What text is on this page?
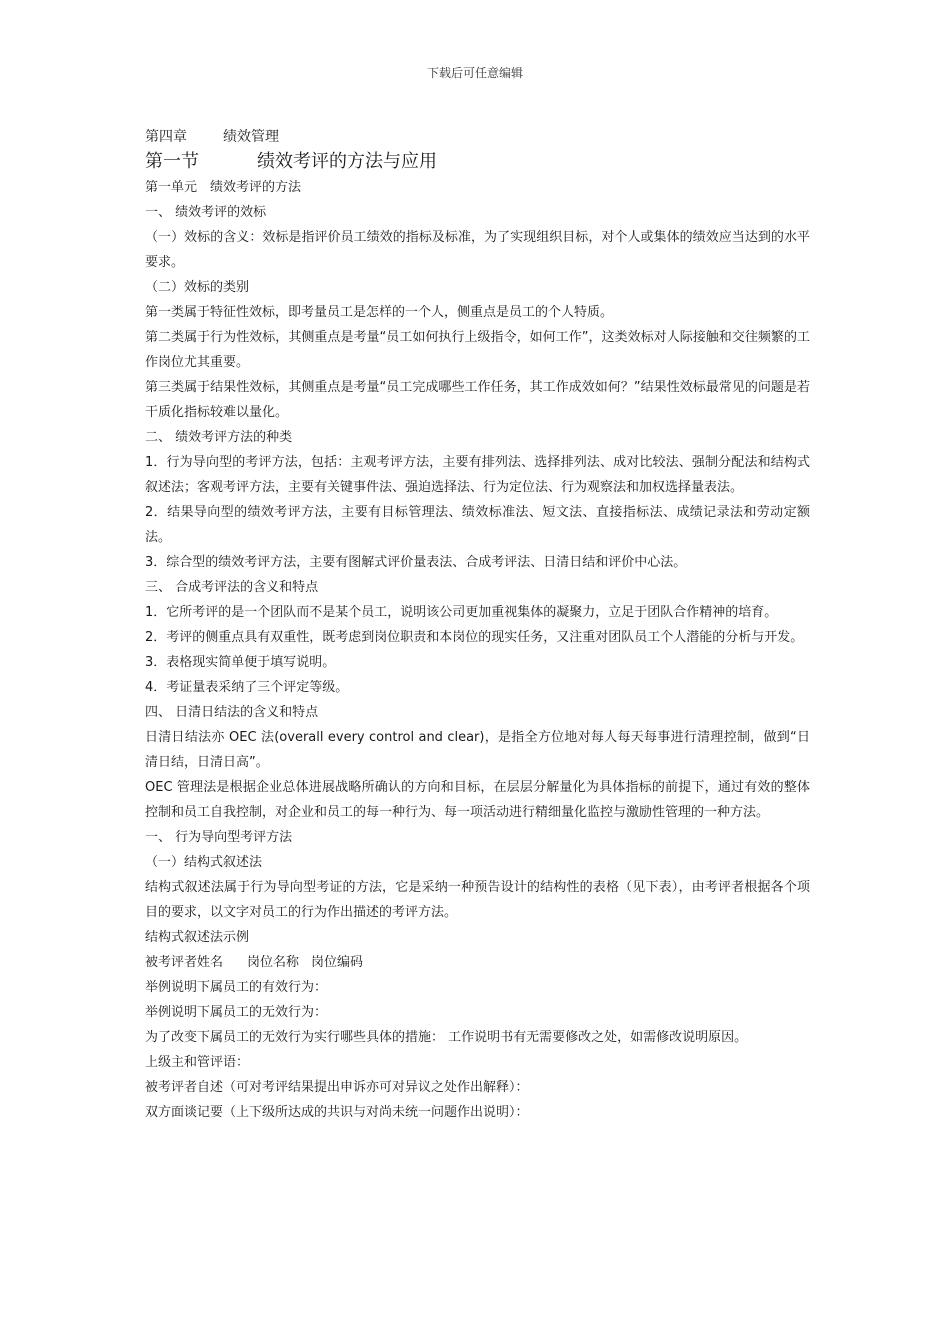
下载后可任意编辑
第四章	绩效管理
第一节	绩效考评的方法与应用
第一单元　绩效考评的方法
一、 绩效考评的效标
（一）效标的含义：效标是指评价员工绩效的指标及标准，为了实现组织目标，对个人或集体的绩效应当达到的水平要求。
（二）效标的类别
第一类属于特征性效标，即考量员工是怎样的一个人，侧重点是员工的个人特质。
第二类属于行为性效标，其侧重点是考量“员工如何执行上级指令，如何工作”，这类效标对人际接触和交往频繁的工作岗位尤其重要。
第三类属于结果性效标，其侧重点是考量“员工完成哪些工作任务，其工作成效如何？”结果性效标最常见的问题是若干质化指标较难以量化。
二、 绩效考评方法的种类
1．行为导向型的考评方法，包括：主观考评方法，主要有排列法、选择排列法、成对比较法、强制分配法和结构式叙述法；客观考评方法，主要有关键事件法、强迫选择法、行为定位法、行为观察法和加权选择量表法。
2．结果导向型的绩效考评方法，主要有目标管理法、绩效标准法、短文法、直接指标法、成绩记录法和劳动定额法。
3．综合型的绩效考评方法，主要有图解式评价量表法、合成考评法、日清日结和评价中心法。
三、 合成考评法的含义和特点
1．它所考评的是一个团队而不是某个员工，说明该公司更加重视集体的凝聚力，立足于团队合作精神的培育。
2．考评的侧重点具有双重性，既考虑到岗位职责和本岗位的现实任务，又注重对团队员工个人潜能的分析与开发。
3．表格现实简单便于填写说明。
4．考证量表采纳了三个评定等级。
四、 日清日结法的含义和特点
日清日结法亦 OEC 法(overall every control and clear)，是指全方位地对每人每天每事进行清理控制，做到“日清日结，日清日高”。
OEC 管理法是根据企业总体进展战略所确认的方向和目标，在层层分解量化为具体指标的前提下，通过有效的整体控制和员工自我控制，对企业和员工的每一种行为、每一项活动进行精细量化监控与激励性管理的一种方法。
一、 行为导向型考评方法
（一）结构式叙述法
结构式叙述法属于行为导向型考证的方法，它是采纳一种预告设计的结构性的表格（见下表），由考评者根据各个项目的要求，以文字对员工的行为作出描述的考评方法。
结构式叙述法示例
被考评者姓名 岗位名称 岗位编码
举例说明下属员工的有效行为：
举例说明下属员工的无效行为：
为了改变下属员工的无效行为实行哪些具体的措施： 工作说明书有无需要修改之处，如需修改说明原因。
上级主和管评语：
被考评者自述（可对考评结果提出申诉亦可对异议之处作出解释）：
双方面谈记要（上下级所达成的共识与对尚未统一问题作出说明）：
